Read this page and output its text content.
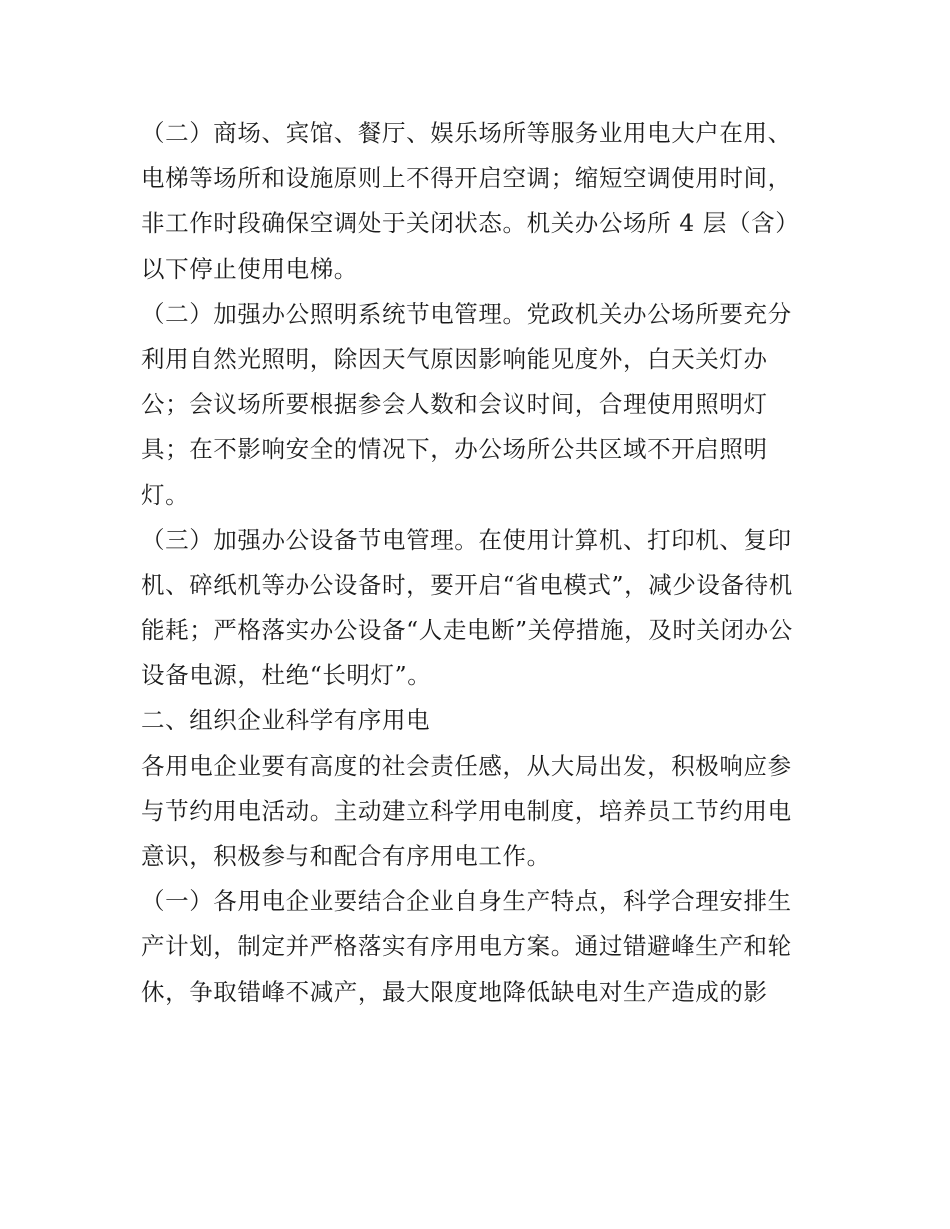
（二）商场、宾馆、餐厅、娱乐场所等服务业用电大户在用、
电梯等场所和设施原则上不得开启空调；缩短空调使用时间，
非工作时段确保空调处于关闭状态。机关办公场所 4 层（含）
以下停止使用电梯。
（二）加强办公照明系统节电管理。党政机关办公场所要充分
利用自然光照明，除因天气原因影响能见度外，白天关灯办
公；会议场所要根据参会人数和会议时间，合理使用照明灯
具；在不影响安全的情况下，办公场所公共区域不开启照明
灯。
（三）加强办公设备节电管理。在使用计算机、打印机、复印
机、碎纸机等办公设备时，要开启“省电模式”，减少设备待机
能耗；严格落实办公设备“人走电断”关停措施，及时关闭办公
设备电源，杜绝“长明灯”。
二、组织企业科学有序用电
各用电企业要有高度的社会责任感，从大局出发，积极响应参
与节约用电活动。主动建立科学用电制度，培养员工节约用电
意识，积极参与和配合有序用电工作。
（一）各用电企业要结合企业自身生产特点，科学合理安排生
产计划，制定并严格落实有序用电方案。通过错避峰生产和轮
休，争取错峰不减产，最大限度地降低缺电对生产造成的影
